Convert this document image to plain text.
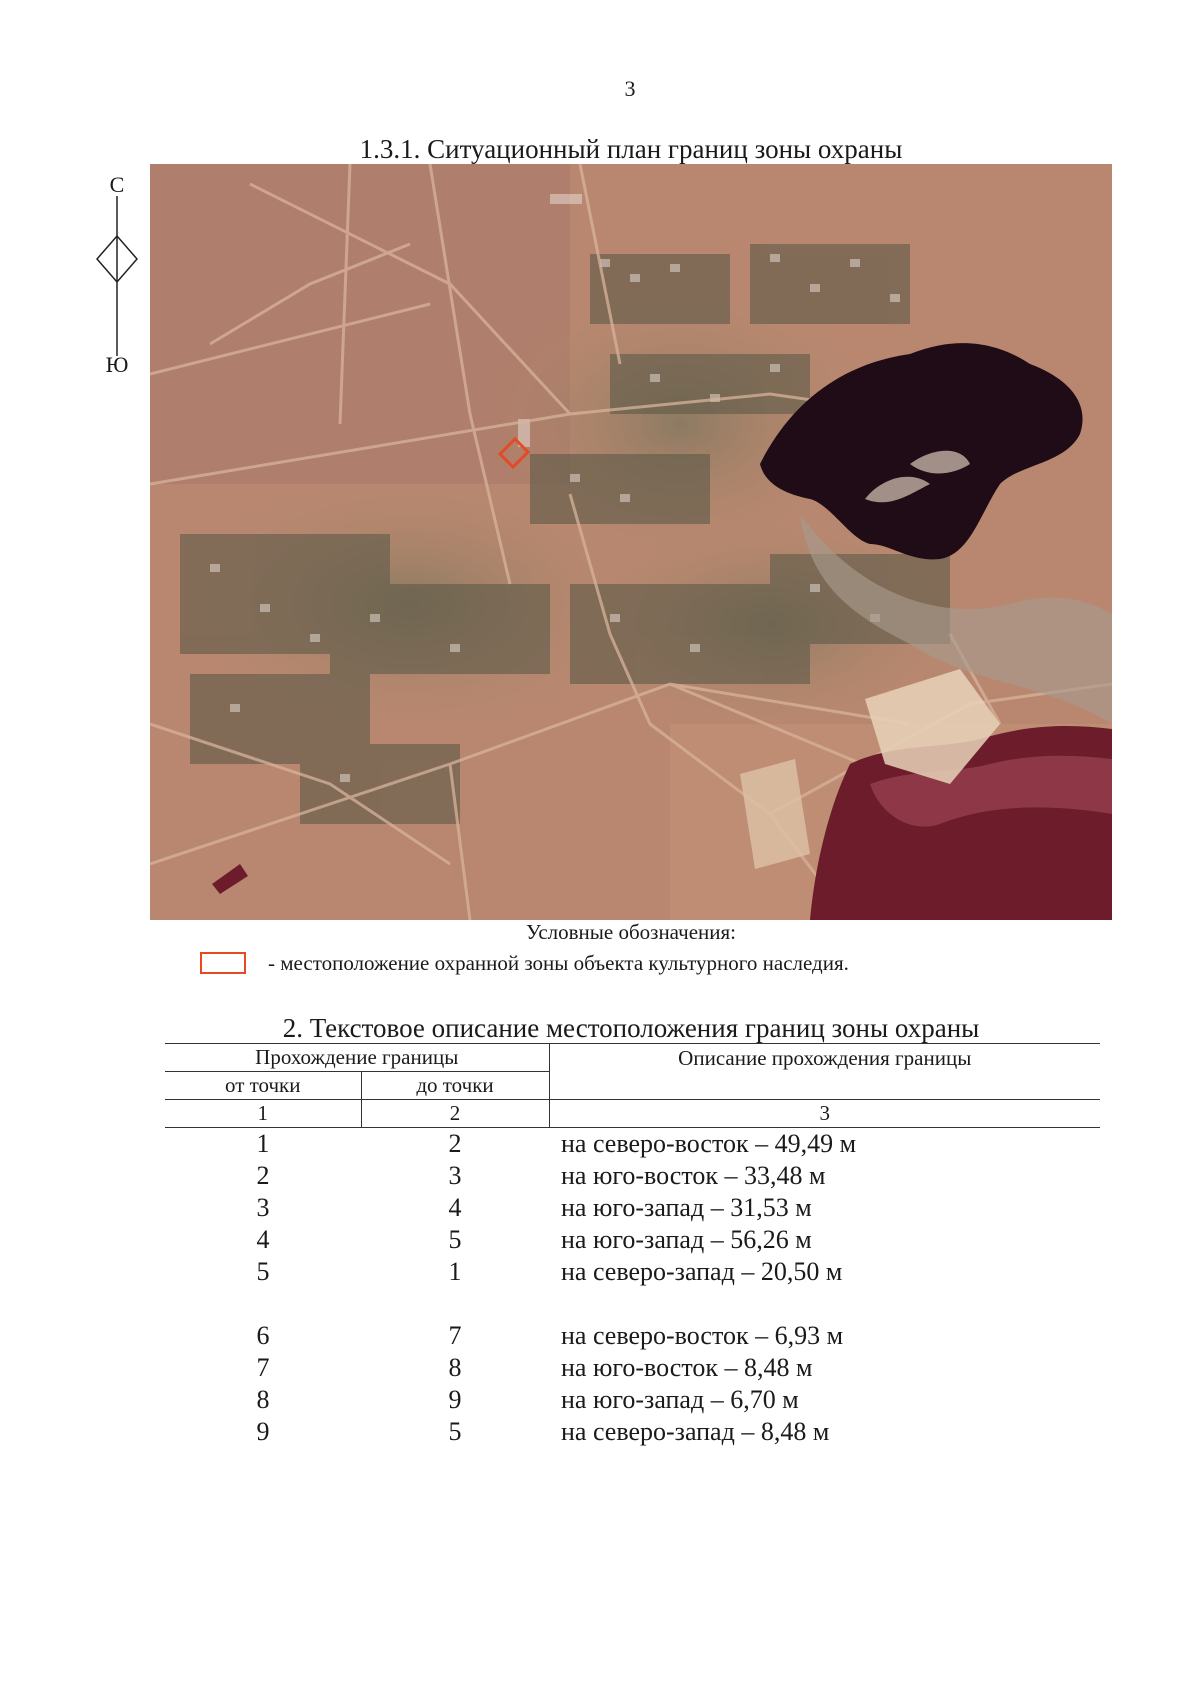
3
1.3.1. Ситуационный план границ зоны охраны
С
Ю
Условные обозначения:
- местоположение охранной зоны объекта культурного наследия.
2. Текстовое описание местоположения границ зоны охраны
Прохождение границы		Описание прохождения границы
от точки	до точки	
1	2	3
1	2	на северо-восток – 49,49 м
2	3	на юго-восток – 33,48 м
3	4	на юго-запад – 31,53 м
4	5	на юго-запад – 56,26 м
5	1	на северо-запад – 20,50 м

6	7	на северо-восток – 6,93 м
7	8	на юго-восток – 8,48 м
8	9	на юго-запад – 6,70 м
9	5	на северо-запад – 8,48 м
